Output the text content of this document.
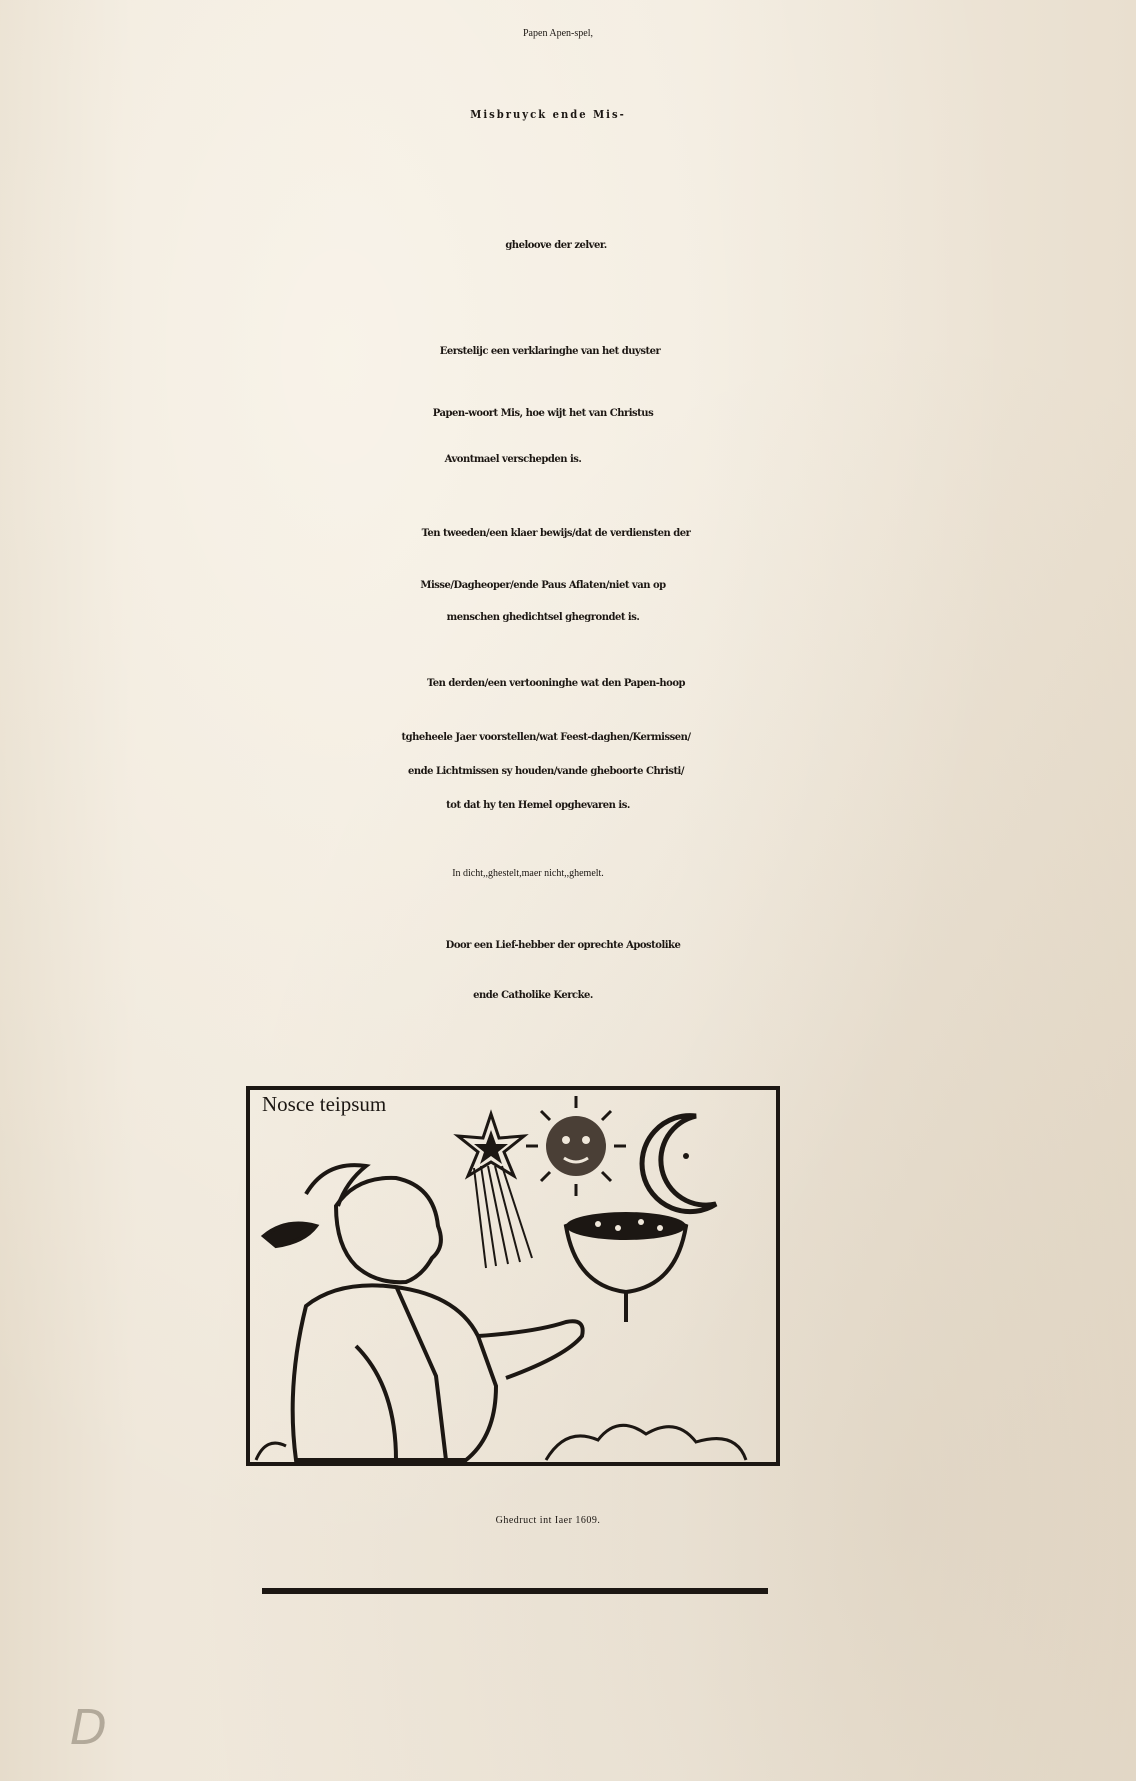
Papen Apen-spel,
Misbruyck ende Mis-
gheloove der zelver.
Eerstelijc een verklaringhe van het duyster
Papen-woort Mis, hoe wijt het van Christus
Avontmael verschepden is.
Ten tweeden/een klaer bewijs/dat de verdiensten der
Misse/Dagheoper/ende Paus Aflaten/niet van op
menschen ghedichtsel ghegrondet is.
Ten derden/een vertooninghe wat den Papen-hoop
tgheheele Jaer voorstellen/wat Feest-daghen/Kermissen/
ende Lichtmissen sy houden/vande gheboorte Christi/
tot dat hy ten Hemel opghevaren is.
In dicht,,ghestelt,maer nicht,,ghemelt.
Door een Lief-hebber der oprechte Apostolike
ende Catholike Kercke.
Nosce teipsum
Ghedruct int Iaer 1609.
D
